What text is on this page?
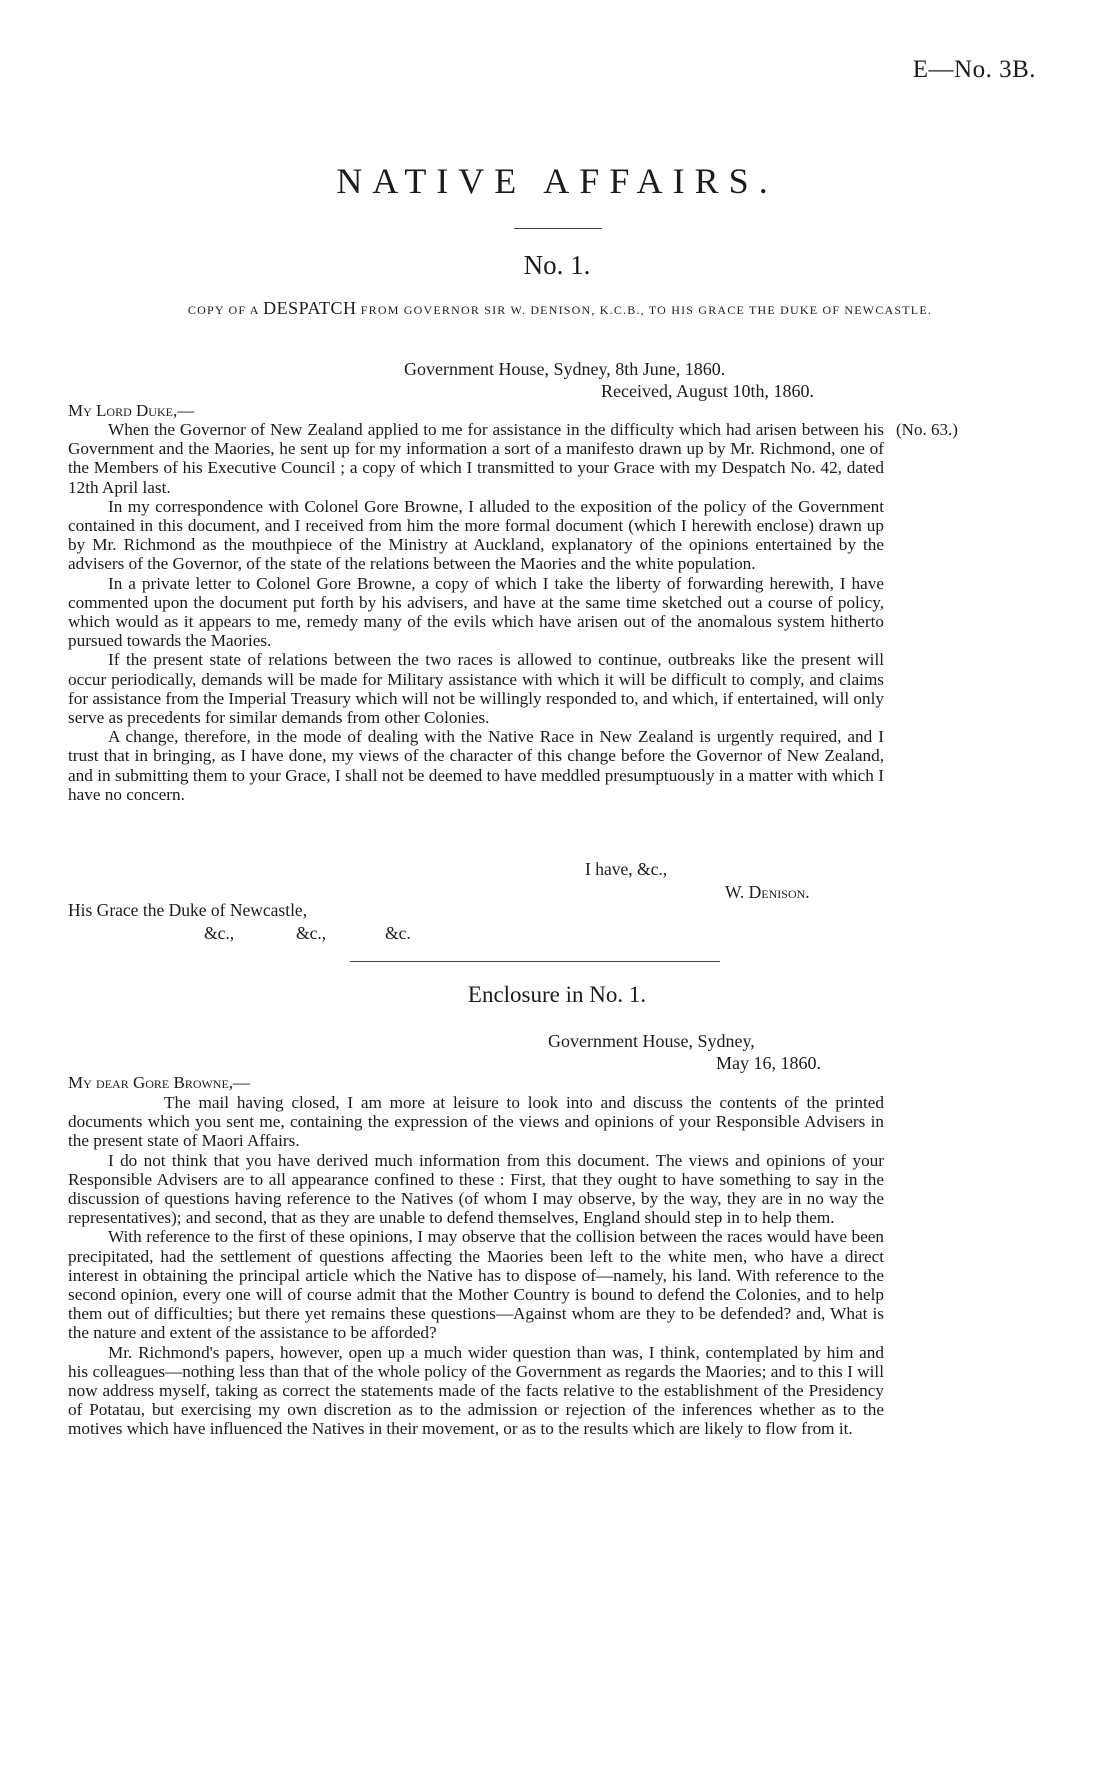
E—No. 3B.
NATIVE AFFAIRS.
No. 1.
COPY OF A DESPATCH FROM GOVERNOR SIR W. DENISON, K.C.B., TO HIS GRACE THE DUKE OF NEWCASTLE.
Government House, Sydney, 8th June, 1860.
Received, August 10th, 1860.
My Lord Duke,—
(No. 63.)

When the Governor of New Zealand applied to me for assistance in the difficulty which had arisen between his Government and the Maories, he sent up for my information a sort of a manifesto drawn up by Mr. Richmond, one of the Members of his Executive Council ; a copy of which I transmitted to your Grace with my Despatch No. 42, dated 12th April last.

In my correspondence with Colonel Gore Browne, I alluded to the exposition of the policy of the Government contained in this document, and I received from him the more formal document (which I herewith enclose) drawn up by Mr. Richmond as the mouthpiece of the Ministry at Auckland, explanatory of the opinions entertained by the advisers of the Governor, of the state of the relations between the Maories and the white population.

In a private letter to Colonel Gore Browne, a copy of which I take the liberty of forwarding herewith, I have commented upon the document put forth by his advisers, and have at the same time sketched out a course of policy, which would as it appears to me, remedy many of the evils which have arisen out of the anomalous system hitherto pursued towards the Maories.

If the present state of relations between the two races is allowed to continue, outbreaks like the present will occur periodically, demands will be made for Military assistance with which it will be difficult to comply, and claims for assistance from the Imperial Treasury which will not be willingly responded to, and which, if entertained, will only serve as precedents for similar demands from other Colonies.

A change, therefore, in the mode of dealing with the Native Race in New Zealand is urgently required, and I trust that in bringing, as I have done, my views of the character of this change before the Governor of New Zealand, and in submitting them to your Grace, I shall not be deemed to have meddled presumptuously in a matter with which I have no concern.

I have, &c.,
W. Denison.
His Grace the Duke of Newcastle,
&c.,	&c.,	&c.
Enclosure in No. 1.
Government House, Sydney,
May 16, 1860.
My dear Gore Browne,—

The mail having closed, I am more at leisure to look into and discuss the contents of the printed documents which you sent me, containing the expression of the views and opinions of your Responsible Advisers in the present state of Maori Affairs.

I do not think that you have derived much information from this document. The views and opinions of your Responsible Advisers are to all appearance confined to these : First, that they ought to have something to say in the discussion of questions having reference to the Natives (of whom I may observe, by the way, they are in no way the representatives); and second, that as they are unable to defend themselves, England should step in to help them.

With reference to the first of these opinions, I may observe that the collision between the races would have been precipitated, had the settlement of questions affecting the Maories been left to the white men, who have a direct interest in obtaining the principal article which the Native has to dispose of—namely, his land. With reference to the second opinion, every one will of course admit that the Mother Country is bound to defend the Colonies, and to help them out of difficulties; but there yet remains these questions—Against whom are they to be defended? and, What is the nature and extent of the assistance to be afforded?

Mr. Richmond's papers, however, open up a much wider question than was, I think, contemplated by him and his colleagues—nothing less than that of the whole policy of the Government as regards the Maories; and to this I will now address myself, taking as correct the statements made of the facts relative to the establishment of the Presidency of Potatau, but exercising my own discretion as to the admission or rejection of the inferences whether as to the motives which have influenced the Natives in their movement, or as to the results which are likely to flow from it.
